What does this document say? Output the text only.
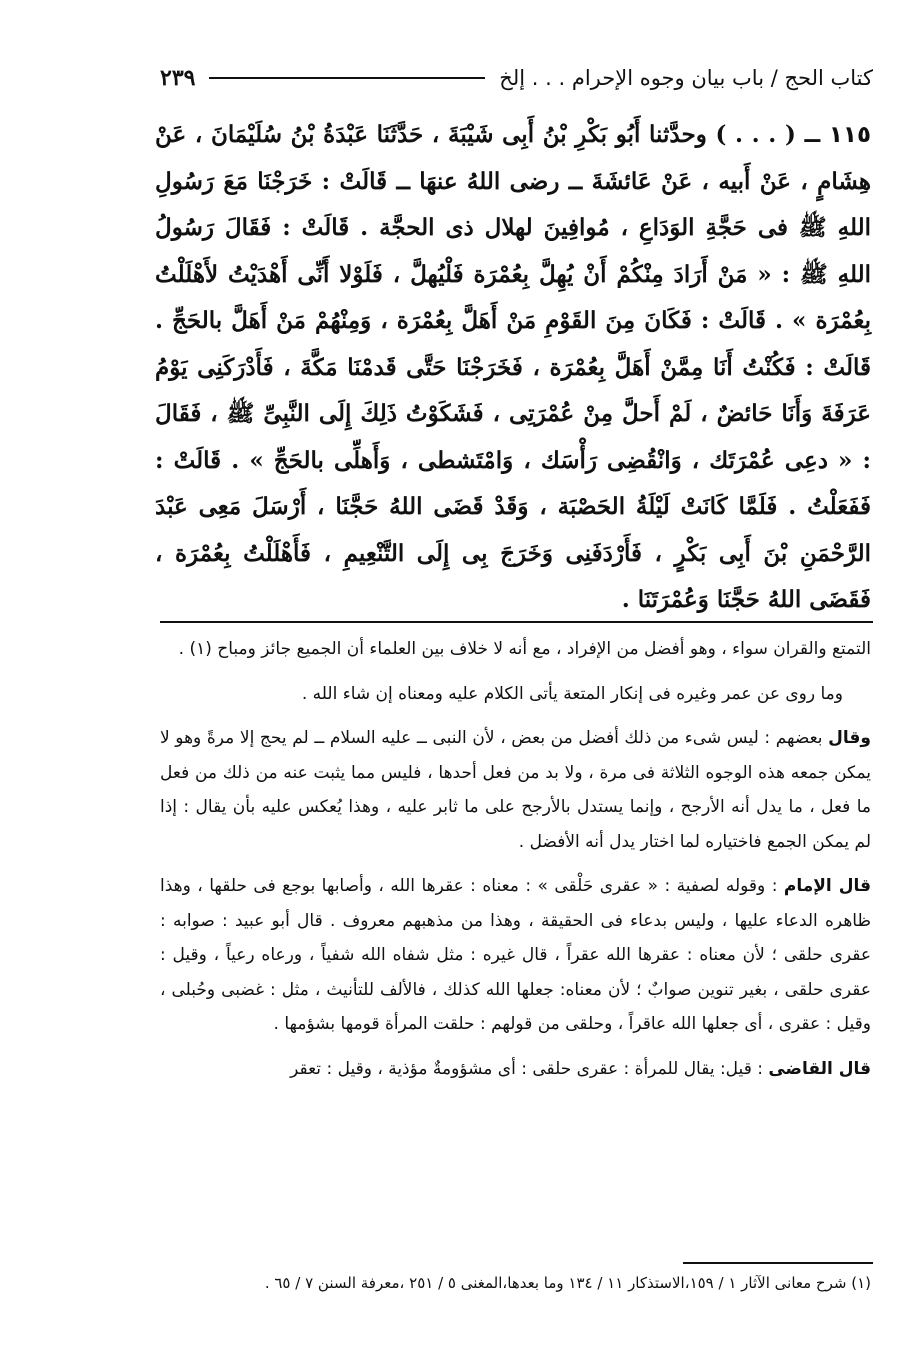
كتاب الحج / باب بيان وجوه الإحرام . . . إلخ
٢٣٩
١١٥ ــ ( . . . ) وحدَّثنا أَبُو بَكْرِ بْنُ أَبِى شَيْبَةَ ، حَدَّثَنَا عَبْدَةُ بْنُ سُلَيْمَانَ ، عَنْ هِشَامٍ ، عَنْ أَبيه ، عَنْ عَائشَةَ ــ رضى اللهُ عنهَا ــ قَالَتْ : خَرَجْنَا مَعَ رَسُولِ اللهِ ﷺ فى حَجَّةِ الوَدَاعِ ، مُوافِينَ لهلال ذى الحجَّة . قَالَتْ : فَقَالَ رَسُولُ اللهِ ﷺ : « مَنْ أَرَادَ مِنْكُمْ أَنْ يُهِلَّ بِعُمْرَة فَلْيُهلَّ ، فَلَوْلا أَنِّى أَهْدَيْتُ لأَهْلَلْتُ بِعُمْرَة » . قَالَتْ : فَكَانَ مِنَ القَوْمِ مَنْ أَهَلَّ بِعُمْرَة ، وَمِنْهُمْ مَنْ أَهَلَّ بالحَجِّ . قَالَتْ : فَكُنْتُ أَنَا مِمَّنْ أَهَلَّ بِعُمْرَة ، فَخَرَجْنَا حَتَّى قَدمْنَا مَكَّةَ ، فَأَدْرَكَنِى يَوْمُ عَرَفَةَ وَأَنَا حَائضٌ ، لَمْ أَحلَّ مِنْ عُمْرَتِى ، فَشَكَوْتُ ذَلِكَ إِلَى النَّبِىِّ ﷺ ، فَقَالَ : « دعِى عُمْرَتَك ، وَانْقُضِى رَأْسَك ، وَامْتَشطى ، وَأَهلِّى بالحَجِّ » . قَالَتْ : فَفَعَلْتُ . فَلَمَّا كَانَتْ لَيْلَةُ الحَصْبَة ، وَقَدْ قَضَى اللهُ حَجَّنَا ، أَرْسَلَ مَعِى عَبْدَ الرَّحْمَنِ بْنَ أَبِى بَكْرٍ ، فَأَرْدَفَنِى وَخَرَجَ بِى إِلَى التَّنْعِيمِ ، فَأَهْلَلْتُ بِعُمْرَة ، فَقَضَى اللهُ حَجَّنَا وَعُمْرَتَنَا .

التمتع والقران سواء ، وهو أفضل من الإفراد ، مع أنه لا خلاف بين العلماء أن الجميع جائز ومباح (١) .

وما روى عن عمر وغيره فى إنكار المتعة يأتى الكلام عليه ومعناه إن شاء الله .

وقال بعضهم : ليس شىء من ذلك أفضل من بعض ، لأن النبى ــ عليه السلام ــ لم يحج إلا مرةً وهو لا يمكن جمعه هذه الوجوه الثلاثة فى مرة ، ولا بد من فعل أحدها ، فليس مما يثبت عنه من ذلك من فعل ما فعل ، ما يدل أنه الأرجح ، وإنما يستدل بالأرجح على ما ثابر عليه ، وهذا يُعكس عليه بأن يقال : إذا لم يمكن الجمع فاختياره لما اختار يدل أنه الأفضل .

قال الإمام : وقوله لصفية : « عقرى حَلْقى » : معناه : عقرها الله ، وأصابها بوجع فى حلقها ، وهذا ظاهره الدعاء عليها ، وليس بدعاء فى الحقيقة ، وهذا من مذهبهم معروف . قال أبو عبيد : صوابه : عقرى حلقى ؛ لأن معناه : عقرها الله عقراً ، قال غيره : مثل شفاه الله شفياً ، ورعاه رعياً ، وقيل : عقرى حلقى ، بغير تنوين صوابٌ ؛ لأن معناه: جعلها الله كذلك ، فالألف للتأنيث ، مثل : غضبى وحُبلى ، وقيل : عقرى ، أى جعلها الله عاقراً ، وحلقى من قولهم : حلقت المرأة قومها بشؤمها .

قال القاضى : قيل: يقال للمرأة : عقرى حلقى : أى مشؤومةٌ مؤذية ، وقيل : تعقر

(١) شرح معانى الآثار ١ / ١٥٩،الاستذكار ١١ / ١٣٤ وما بعدها،المغنى ٥ / ٢٥١ ،معرفة السنن ٧ / ٦٥ .
